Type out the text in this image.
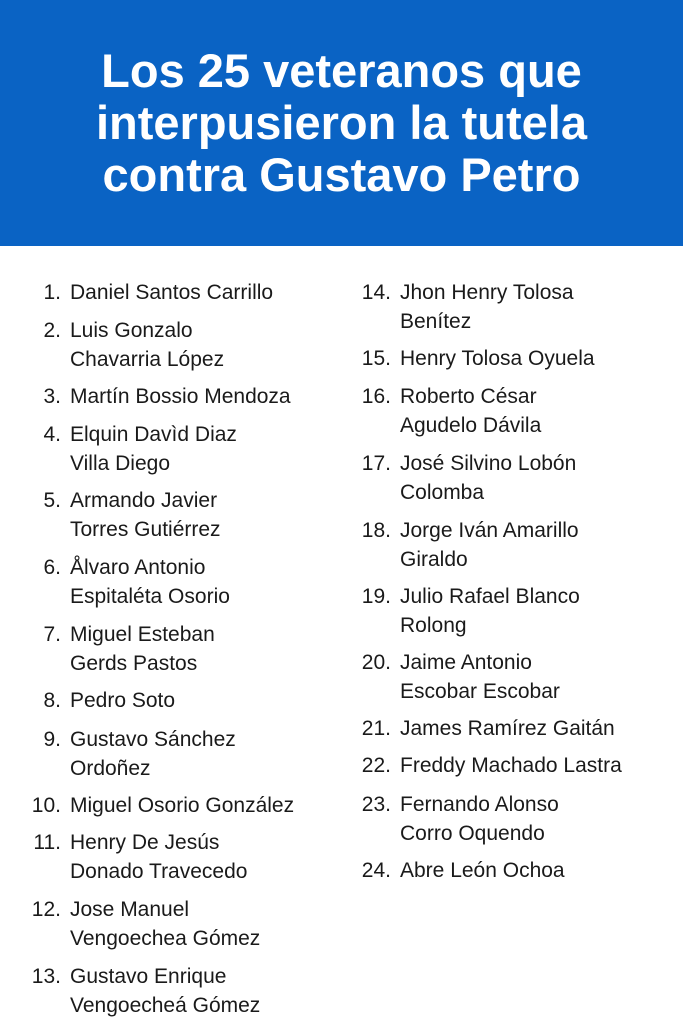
Los 25 veteranos que
interpusieron la tutela
contra Gustavo Petro
1. Daniel Santos Carrillo
2. Luis Gonzalo
Chavarria López
3. Martín Bossio Mendoza
4. Elquin Davìd Diaz
Villa Diego
5. Armando Javier
Torres Gutiérrez
6. Ålvaro Antonio
Espitaléta Osorio
7. Miguel Esteban
Gerds Pastos
8. Pedro Soto
9. Gustavo Sánchez
Ordoñez
10. Miguel Osorio González
11. Henry De Jesús
Donado Travecedo
12. Jose Manuel
Vengoechea Gómez
13. Gustavo Enrique
Vengoecheá Gómez
14. Jhon Henry Tolosa
Benítez
15. Henry Tolosa Oyuela
16. Roberto César
Agudelo Dávila
17. José Silvino Lobón
Colomba
18. Jorge Iván Amarillo
Giraldo
19. Julio Rafael Blanco
Rolong
20. Jaime Antonio
Escobar Escobar
21. James Ramírez Gaitán
22. Freddy Machado Lastra
23. Fernando Alonso
Corro Oquendo
24. Abre León Ochoa
